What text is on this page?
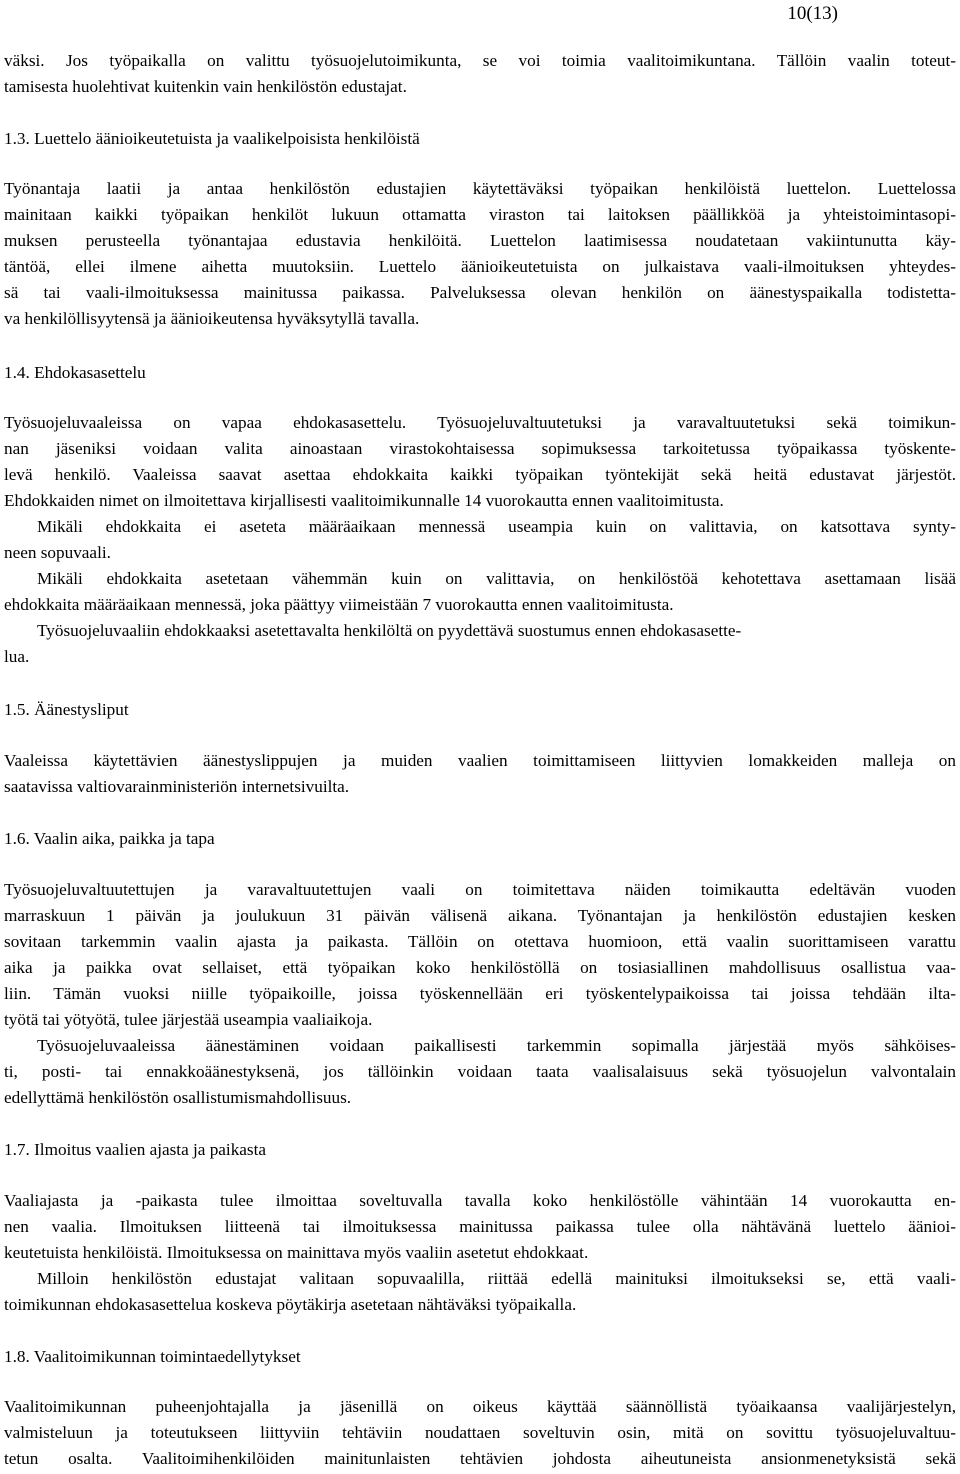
10(13)
väksi. Jos työpaikalla on valittu työsuojelutoimikunta, se voi toimia vaalitoimikuntana. Tällöin vaalin toteut-
tamisesta huolehtivat kuitenkin vain henkilöstön edustajat.
1.3. Luettelo äänioikeutetuista ja vaalikelpoisista henkilöistä
Työnantaja laatii ja antaa henkilöstön edustajien käytettäväksi työpaikan henkilöistä luettelon. Luettelossa
mainitaan kaikki työpaikan henkilöt lukuun ottamatta viraston tai laitoksen päällikköä ja yhteistoimintasopi-
muksen perusteella työnantajaa edustavia henkilöitä. Luettelon laatimisessa noudatetaan vakiintunutta käy-
täntöä, ellei ilmene aihetta muutoksiin. Luettelo äänioikeutetuista on julkaistava vaali-ilmoituksen yhteydes-
sä tai vaali-ilmoituksessa mainitussa paikassa. Palveluksessa olevan henkilön on äänestyspaikalla todistetta-
va henkilöllisyytensä ja äänioikeutensa hyväksytyllä tavalla.
1.4. Ehdokasasettelu
Työsuojeluvaaleissa on vapaa ehdokasasettelu. Työsuojeluvaltuutetuksi ja varavaltuutetuksi sekä toimikun-
nan jäseniksi voidaan valita ainoastaan virastokohtaisessa sopimuksessa tarkoitetussa työpaikassa työskente-
levä henkilö. Vaaleissa saavat asettaa ehdokkaita kaikki työpaikan työntekijät sekä heitä edustavat järjestöt.
Ehdokkaiden nimet on ilmoitettava kirjallisesti vaalitoimikunnalle 14 vuorokautta ennen vaalitoimitusta.
Mikäli ehdokkaita ei aseteta määräaikaan mennessä useampia kuin on valittavia, on katsottava synty-
neen sopuvaali.
Mikäli ehdokkaita asetetaan vähemmän kuin on valittavia, on henkilöstöä kehotettava asettamaan lisää
ehdokkaita määräaikaan mennessä, joka päättyy viimeistään 7 vuorokautta ennen vaalitoimitusta.
Työsuojeluvaaliin ehdokkaaksi asetettavalta henkilöltä on pyydettävä suostumus ennen ehdokasasette-
lua.
1.5. Äänestysliput
Vaaleissa käytettävien äänestyslippujen ja muiden vaalien toimittamiseen liittyvien lomakkeiden malleja on
saatavissa valtiovarainministeriön internetsivuilta.
1.6. Vaalin aika, paikka ja tapa
Työsuojeluvaltuutettujen ja varavaltuutettujen vaali on toimitettava näiden toimikautta edeltävän vuoden
marraskuun 1 päivän ja joulukuun 31 päivän välisenä aikana. Työnantajan ja henkilöstön edustajien kesken
sovitaan tarkemmin vaalin ajasta ja paikasta. Tällöin on otettava huomioon, että vaalin suorittamiseen varattu
aika ja paikka ovat sellaiset, että työpaikan koko henkilöstöllä on tosiasiallinen mahdollisuus osallistua vaa-
liin. Tämän vuoksi niille työpaikoille, joissa työskennellään eri työskentelypaikoissa tai joissa tehdään ilta-
työtä tai yötyötä, tulee järjestää useampia vaaliaikoja.
Työsuojeluvaaleissa äänestäminen voidaan paikallisesti tarkemmin sopimalla järjestää myös sähköises-
ti, posti- tai ennakkoäänestyksenä, jos tällöinkin voidaan taata vaalisalaisuus sekä työsuojelun valvontalain
edellyttämä henkilöstön osallistumismahdollisuus.
1.7. Ilmoitus vaalien ajasta ja paikasta
Vaaliajasta ja -paikasta tulee ilmoittaa soveltuvalla tavalla koko henkilöstölle vähintään 14 vuorokautta en-
nen vaalia. Ilmoituksen liitteenä tai ilmoituksessa mainitussa paikassa tulee olla nähtävänä luettelo äänioi-
keutetuista henkilöistä. Ilmoituksessa on mainittava myös vaaliin asetetut ehdokkaat.
Milloin henkilöstön edustajat valitaan sopuvaalilla, riittää edellä mainituksi ilmoitukseksi se, että vaali-
toimikunnan ehdokasasettelua koskeva pöytäkirja asetetaan nähtäväksi työpaikalla.
1.8. Vaalitoimikunnan toimintaedellytykset
Vaalitoimikunnan puheenjohtajalla ja jäsenillä on oikeus käyttää säännöllistä työaikaansa vaalijärjestelyn,
valmisteluun ja toteutukseen liittyviin tehtäviin noudattaen soveltuvin osin, mitä on sovittu työsuojeluvaltuu-
tetun osalta. Vaalitoimihenkilöiden mainitunlaisten tehtävien johdosta aiheutuneista ansionmenetyksistä sekä
